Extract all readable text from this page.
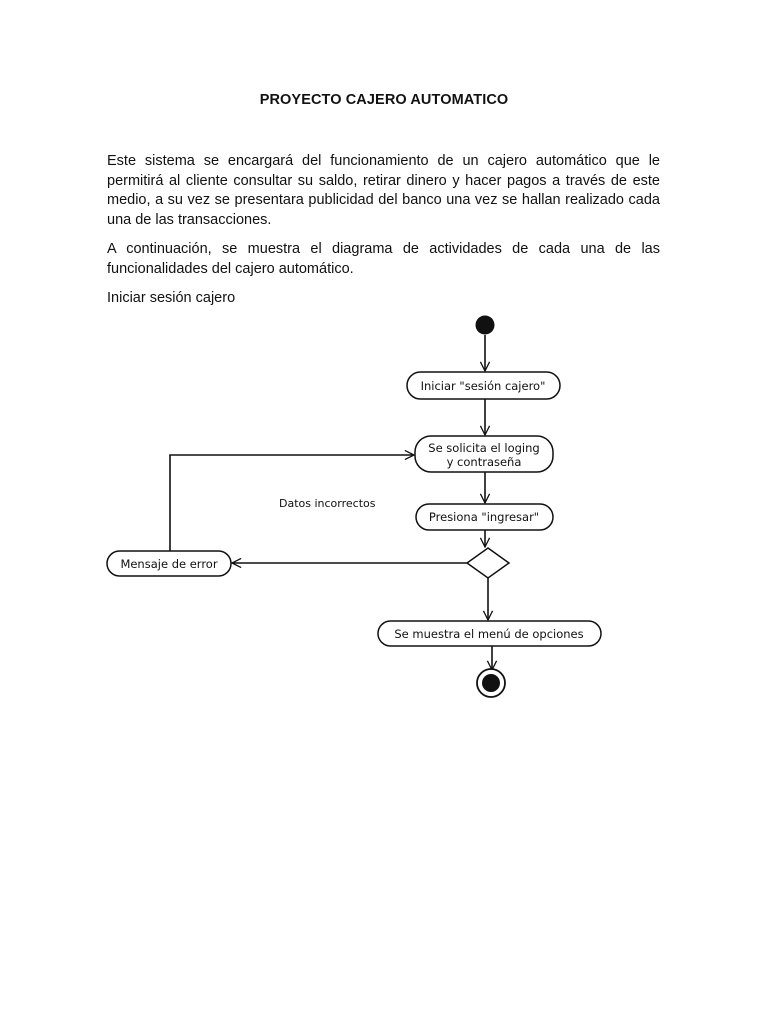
PROYECTO CAJERO AUTOMATICO

Este sistema se encargará del funcionamiento de un cajero automático que le permitirá al cliente consultar su saldo, retirar dinero y hacer pagos a través de este medio, a su vez se presentara publicidad del banco una vez se hallan realizado cada una de las transacciones.

A continuación, se muestra el diagrama de actividades de cada una de las funcionalidades del cajero automático.

Iniciar sesión cajero

Iniciar "sesión cajero"
Se solicita el loging
y contraseña
Presiona "ingresar"
Datos incorrectos
Mensaje de error
Se muestra el menú de opciones
